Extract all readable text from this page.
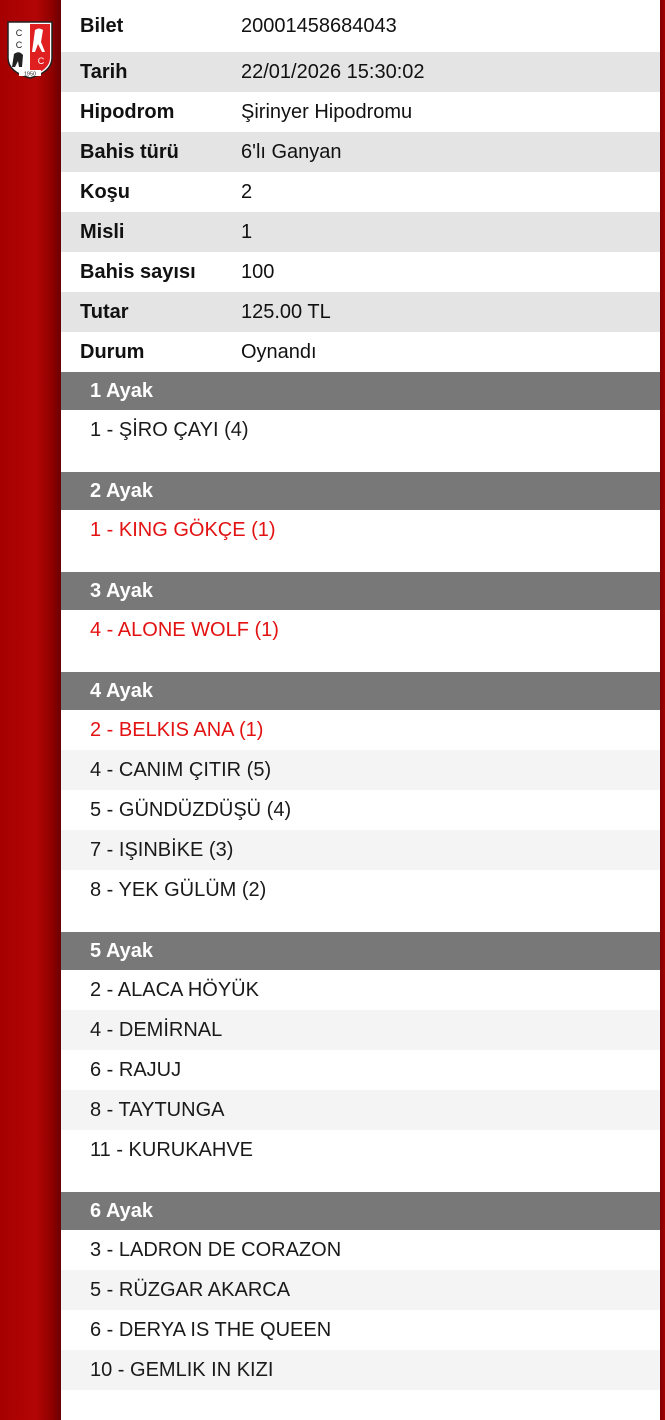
C
C
C
1950
Bilet	20001458684043
Tarih	22/01/2026 15:30:02
Hipodrom	Şirinyer Hipodromu
Bahis türü	6'lı Ganyan
Koşu	2
Misli	1
Bahis sayısı	100
Tutar	125.00 TL
Durum	Oynandı
1 Ayak
1 - ŞİRO ÇAYI (4)
2 Ayak
1 - KING GÖKÇE (1)
3 Ayak
4 - ALONE WOLF (1)
4 Ayak
2 - BELKIS ANA (1)
4 - CANIM ÇITIR (5)
5 - GÜNDÜZDÜŞÜ (4)
7 - IŞINBİKE (3)
8 - YEK GÜLÜM (2)
5 Ayak
2 - ALACA HÖYÜK
4 - DEMİRNAL
6 - RAJUJ
8 - TAYTUNGA
11 - KURUKAHVE
6 Ayak
3 - LADRON DE CORAZON
5 - RÜZGAR AKARCA
6 - DERYA IS THE QUEEN
10 - GEMLIK IN KIZI
